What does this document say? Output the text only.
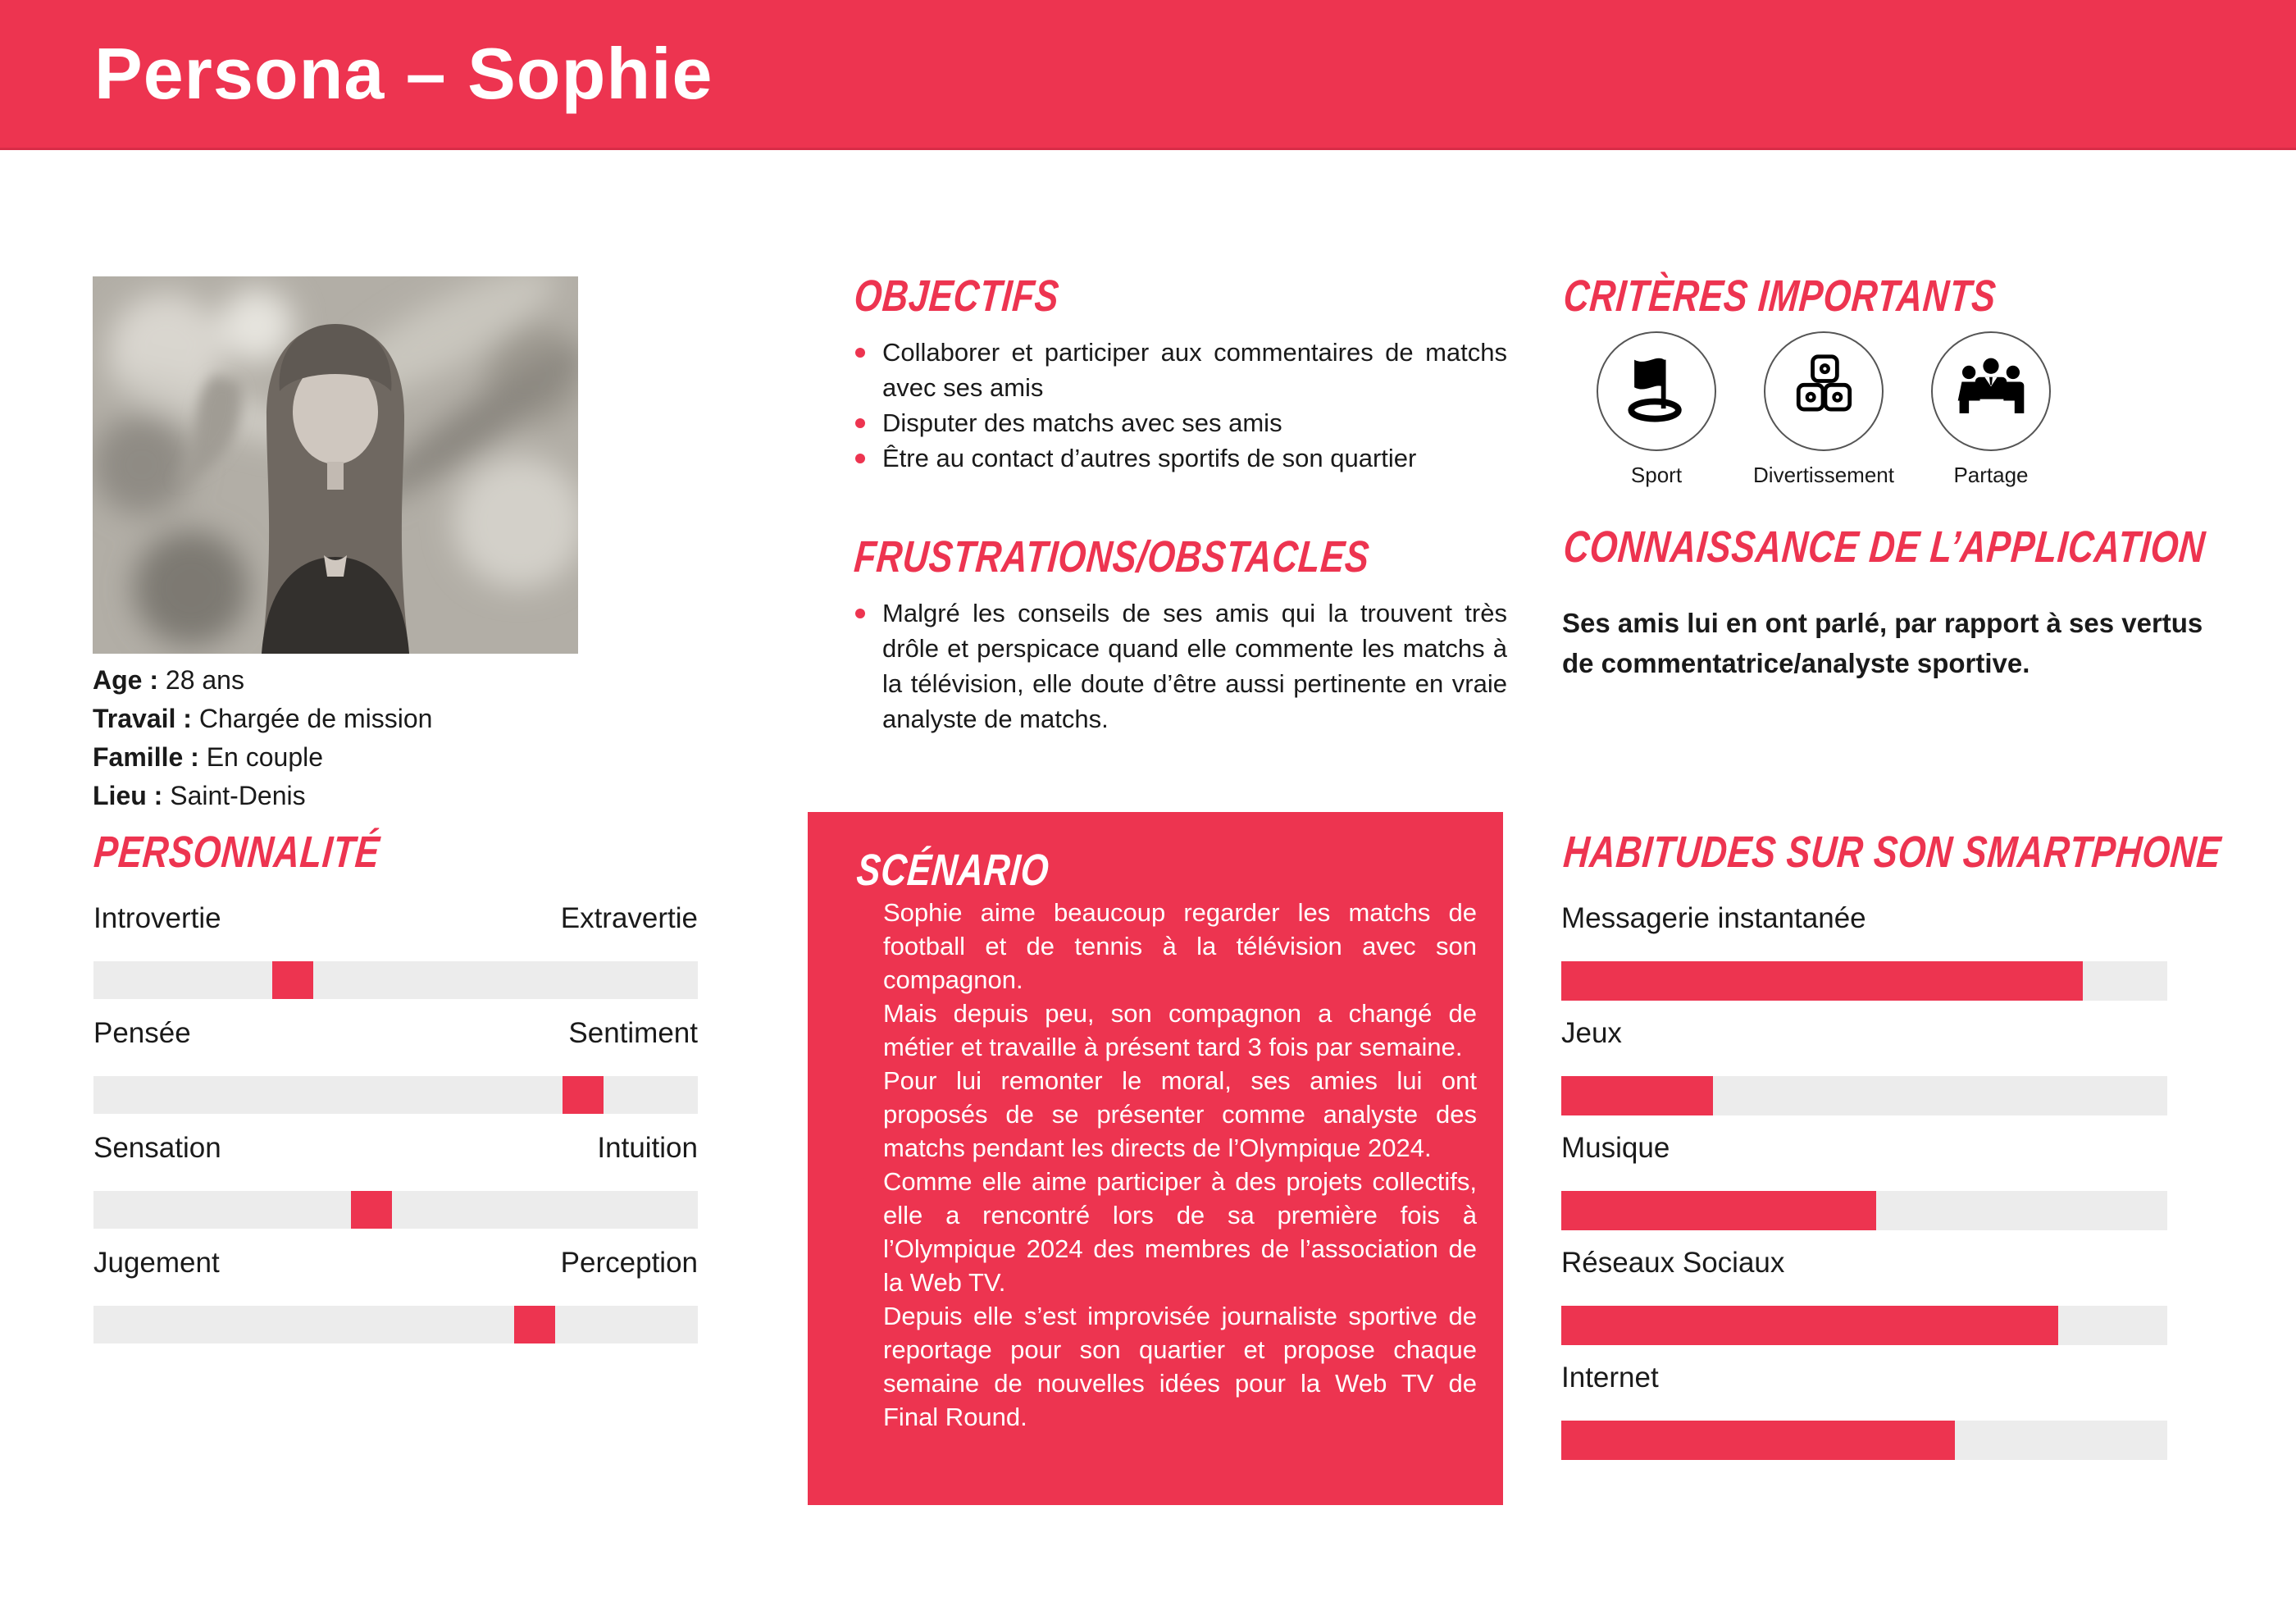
Persona – Sophie
Age : 28 ans
Travail : Chargée de mission
Famille : En couple
Lieu : Saint-Denis
OBJECTIFS
Collaborer et participer aux commentaires de matchs avec ses amis
Disputer des matchs avec ses amis
Être au contact d’autres sportifs de son quartier
FRUSTRATIONS/OBSTACLES
Malgré les conseils de ses amis qui la trouvent très drôle et perspicace quand elle commente les matchs à la télévision, elle doute d’être aussi pertinente en vraie analyste de matchs.
CRITÈRES IMPORTANTS
Sport	Divertissement	Partage
CONNAISSANCE DE L’APPLICATION

Ses amis lui en ont parlé, par rapport à ses vertus de commentatrice/analyste sportive.

PERSONNALITÉ
Introvertie	Extravertie
Pensée	Sentiment
Sensation	Intuition
Jugement	Perception
SCÉNARIO
Sophie aime beaucoup regarder les matchs de football et de tennis à la télévision avec son compagnon.
Mais depuis peu, son compagnon a changé de métier et travaille à présent tard 3 fois par semaine.
Pour lui remonter le moral, ses amies lui ont proposés de se présenter comme analyste des matchs pendant les directs de l’Olympique 2024.
Comme elle aime participer à des projets collectifs, elle a rencontré lors de sa première fois à l’Olympique 2024 des membres de l’association de la Web TV.
Depuis elle s’est improvisée journaliste sportive de reportage pour son quartier et propose chaque semaine de nouvelles idées pour la Web TV de Final Round.
HABITUDES SUR SON SMARTPHONE
Messagerie instantanée
Jeux
Musique
Réseaux Sociaux
Internet
